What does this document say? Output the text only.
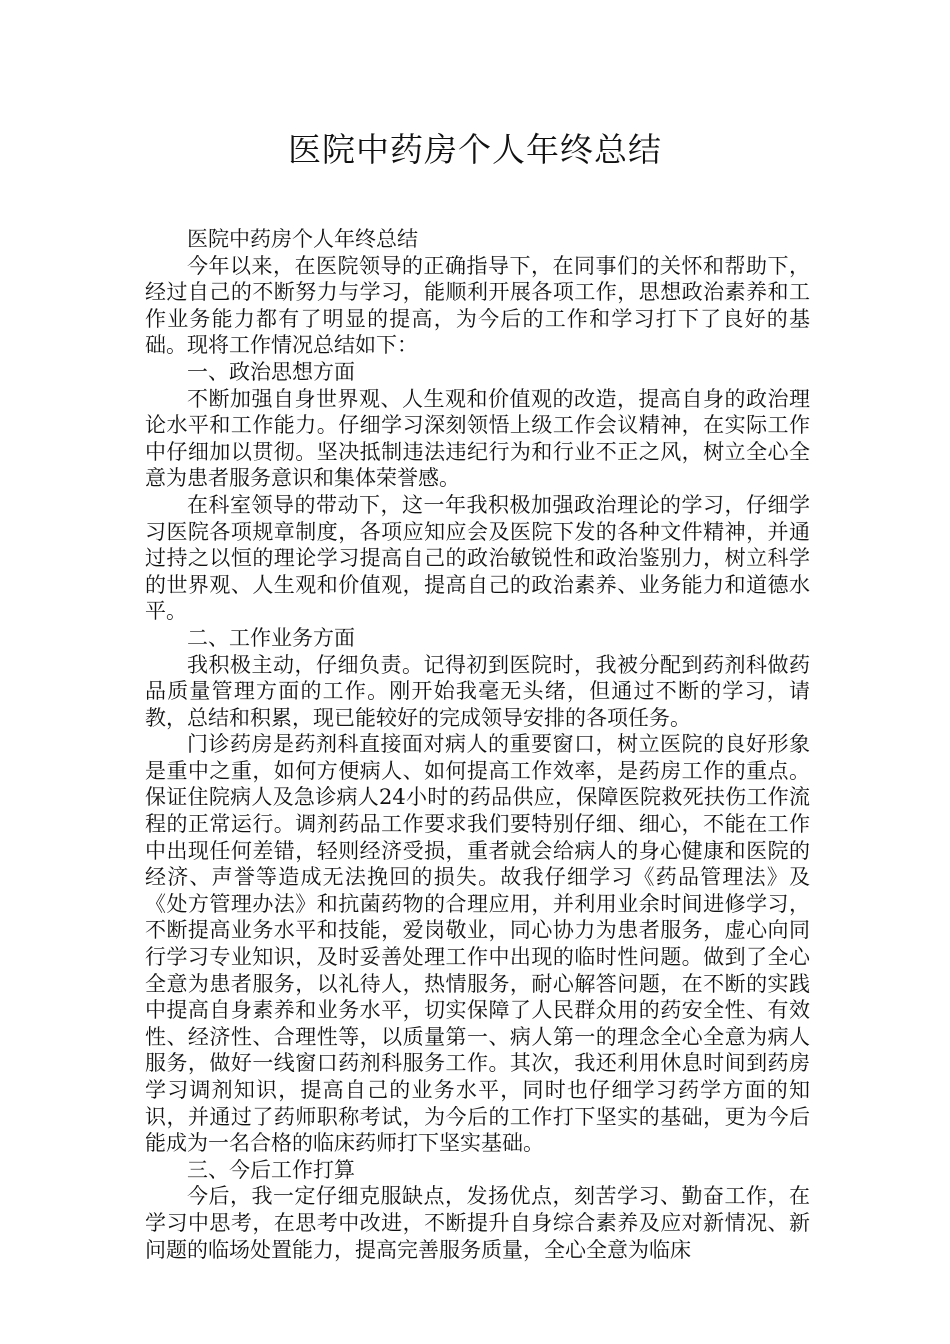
医院中药房个人年终总结

医院中药房个人年终总结

今年以来，在医院领导的正确指导下，在同事们的关怀和帮助下，经过自己的不断努力与学习，能顺利开展各项工作，思想政治素养和工作业务能力都有了明显的提高，为今后的工作和学习打下了良好的基础。现将工作情况总结如下：

一、政治思想方面

不断加强自身世界观、人生观和价值观的改造，提高自身的政治理论水平和工作能力。仔细学习深刻领悟上级工作会议精神，在实际工作中仔细加以贯彻。坚决抵制违法违纪行为和行业不正之风，树立全心全意为患者服务意识和集体荣誉感。

在科室领导的带动下，这一年我积极加强政治理论的学习，仔细学习医院各项规章制度，各项应知应会及医院下发的各种文件精神，并通过持之以恒的理论学习提高自己的政治敏锐性和政治鉴别力，树立科学的世界观、人生观和价值观，提高自己的政治素养、业务能力和道德水平。

二、工作业务方面

我积极主动，仔细负责。记得初到医院时，我被分配到药剂科做药品质量管理方面的工作。刚开始我毫无头绪，但通过不断的学习，请教，总结和积累，现已能较好的完成领导安排的各项任务。

门诊药房是药剂科直接面对病人的重要窗口，树立医院的良好形象是重中之重，如何方便病人、如何提高工作效率，是药房工作的重点。保证住院病人及急诊病人24小时的药品供应，保障医院救死扶伤工作流程的正常运行。调剂药品工作要求我们要特别仔细、细心，不能在工作中出现任何差错，轻则经济受损，重者就会给病人的身心健康和医院的经济、声誉等造成无法挽回的损失。故我仔细学习《药品管理法》及《处方管理办法》和抗菌药物的合理应用，并利用业余时间进修学习，不断提高业务水平和技能，爱岗敬业，同心协力为患者服务，虚心向同行学习专业知识，及时妥善处理工作中出现的临时性问题。做到了全心全意为患者服务，以礼待人，热情服务，耐心解答问题，在不断的实践中提高自身素养和业务水平，切实保障了人民群众用的药安全性、有效性、经济性、合理性等，以质量第一、病人第一的理念全心全意为病人服务，做好一线窗口药剂科服务工作。其次，我还利用休息时间到药房学习调剂知识，提高自己的业务水平，同时也仔细学习药学方面的知识，并通过了药师职称考试，为今后的工作打下坚实的基础，更为今后能成为一名合格的临床药师打下坚实基础。

三、今后工作打算

今后，我一定仔细克服缺点，发扬优点，刻苦学习、勤奋工作，在学习中思考，在思考中改进，不断提升自身综合素养及应对新情况、新问题的临场处置能力，提高完善服务质量，全心全意为临床
